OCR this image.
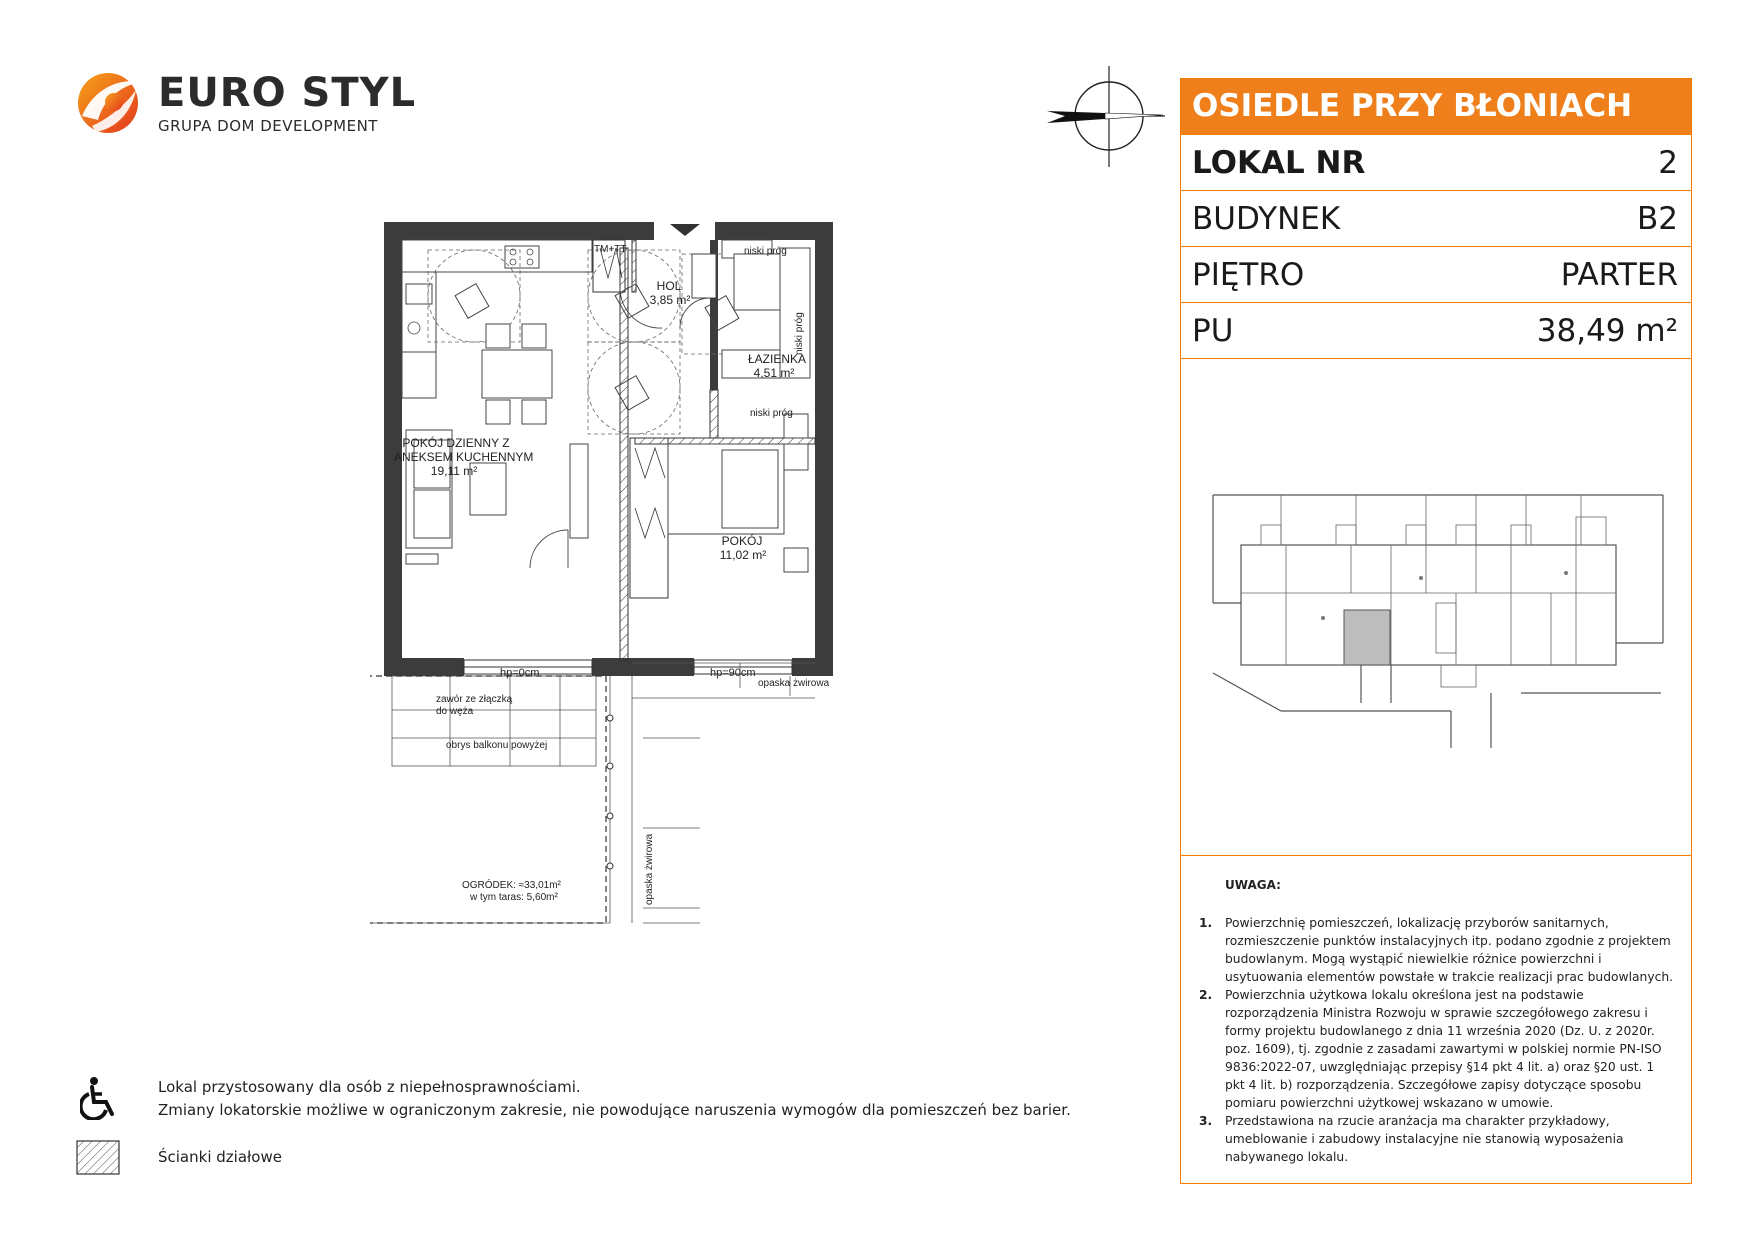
EURO STYL
GRUPA DOM DEVELOPMENT
OSIEDLE PRZY BŁONIACH
LOKAL NR	2
BUDYNEK	B2
PIĘTRO	PARTER
PU	38,49 m²
UWAGA:
1. Powierzchnię pomieszczeń, lokalizację przyborów sanitarnych, rozmieszczenie punktów instalacyjnych itp. podano zgodnie z projektem budowlanym. Mogą wystąpić niewielkie różnice powierzchni i usytuowania elementów powstałe w trakcie realizacji prac budowlanych.
2. Powierzchnia użytkowa lokalu określona jest na podstawie rozporządzenia Ministra Rozwoju w sprawie szczegółowego zakresu i formy projektu budowlanego z dnia 11 września 2020 (Dz. U. z 2020r. poz. 1609), tj. zgodnie z zasadami zawartymi w polskiej normie PN-ISO 9836:2022-07, uwzględniając przepisy §14 pkt 4 lit. a) oraz §20 ust. 1 pkt 4 lit. b) rozporządzenia. Szczegółowe zapisy dotyczące sposobu pomiaru powierzchni użytkowej wskazano w umowie.
3. Przedstawiona na rzucie aranżacja ma charakter przykładowy, umeblowanie i zabudowy instalacyjne nie stanowią wyposażenia nabywanego lokalu.
POKÓJ DZIENNY Z
ANEKSEM KUCHENNYM
19,11 m²
HOL
3,85 m²
ŁAZIENKA
4,51 m²
POKÓJ
11,02 m²
TM+TT	niski próg
niski próg
niski próg
hp=0cm	hp=90cm
opaska żwirowa
opaska żwirowa
zawór ze złączką
do węża
obrys balkonu powyżej
OGRÓDEK: ≈33,01m²
w tym taras: 5,60m²
Lokal przystosowany dla osób z niepełnosprawnościami.
Zmiany lokatorskie możliwe w ograniczonym zakresie, nie powodujące naruszenia wymogów dla pomieszczeń bez barier.
Ścianki działowe
